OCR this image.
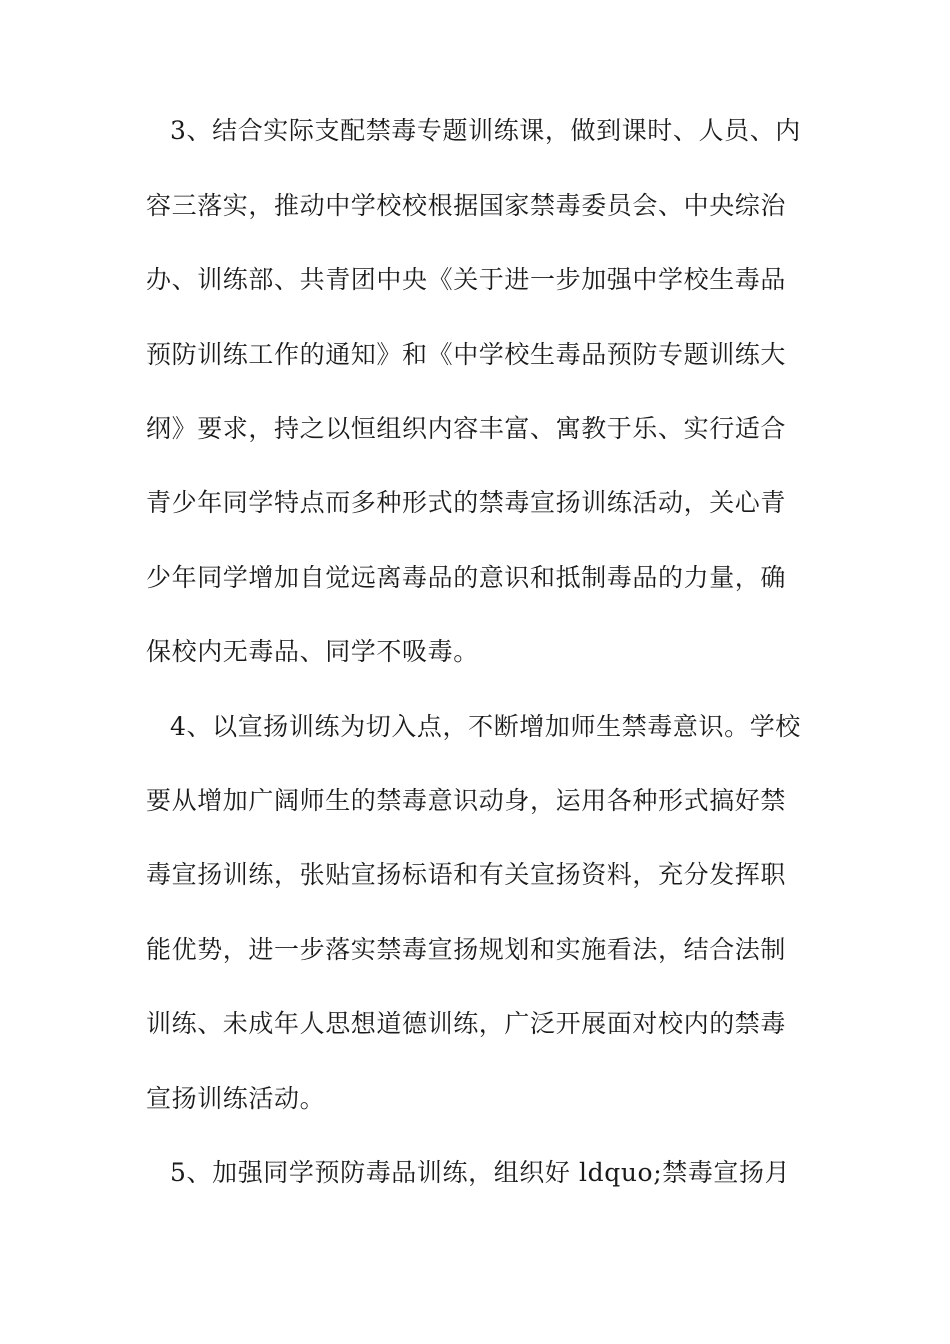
3、结合实际支配禁毒专题训练课，做到课时、人员、内
容三落实，推动中学校校根据国家禁毒委员会、中央综治
办、训练部、共青团中央《关于进一步加强中学校生毒品
预防训练工作的通知》和《中学校生毒品预防专题训练大
纲》要求，持之以恒组织内容丰富、寓教于乐、实行适合
青少年同学特点而多种形式的禁毒宣扬训练活动，关心青
少年同学增加自觉远离毒品的意识和抵制毒品的力量，确
保校内无毒品、同学不吸毒。
4、以宣扬训练为切入点，不断增加师生禁毒意识。学校
要从增加广阔师生的禁毒意识动身，运用各种形式搞好禁
毒宣扬训练，张贴宣扬标语和有关宣扬资料，充分发挥职
能优势，进一步落实禁毒宣扬规划和实施看法，结合法制
训练、未成年人思想道德训练，广泛开展面对校内的禁毒
宣扬训练活动。
5、加强同学预防毒品训练，组织好 ldquo;禁毒宣扬月
